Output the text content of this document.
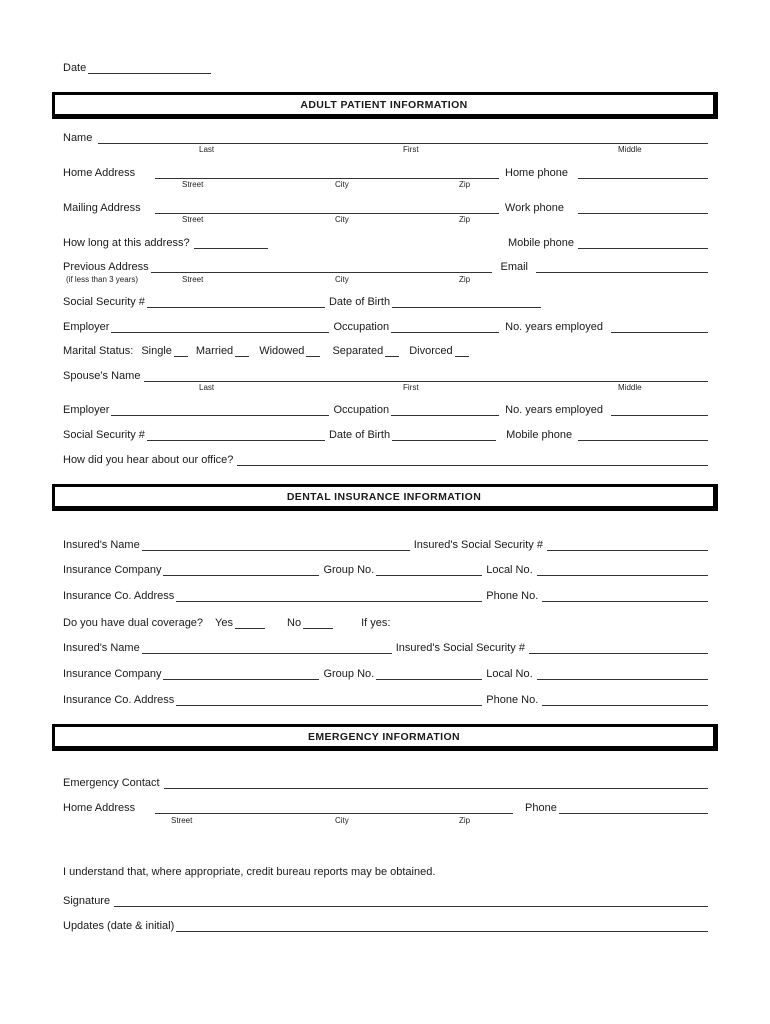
Date
ADULT PATIENT INFORMATION
Name
Last	First	Middle
Home Address	Home phone
Street	City	Zip
Mailing Address	Work phone
Street	City	Zip
How long at this address?	Mobile phone
Previous Address	Email
(if less than 3 years)	Street	City	Zip
Social Security #	Date of Birth
Employer	Occupation	No. years employed
Marital Status: Single Married Widowed	Separated Divorced
Spouse’s Name
Last	First	Middle
Employer	Occupation	No. years employed
Social Security #	Date of Birth	Mobile phone
How did you hear about our office?
DENTAL INSURANCE INFORMATION
Insured's Name	Insured's Social Security #
Insurance Company	Group No.	Local No.
Insurance Co. Address	Phone No.
Do you have dual coverage? Yes	No	If yes:
Insured's Name	Insured's Social Security #
Insurance Company	Group No.	Local No.
Insurance Co. Address	Phone No.
EMERGENCY INFORMATION
Emergency Contact
Home Address	Phone
Street	City	Zip
I understand that, where appropriate, credit bureau reports may be obtained.
Signature
Updates (date & initial)
